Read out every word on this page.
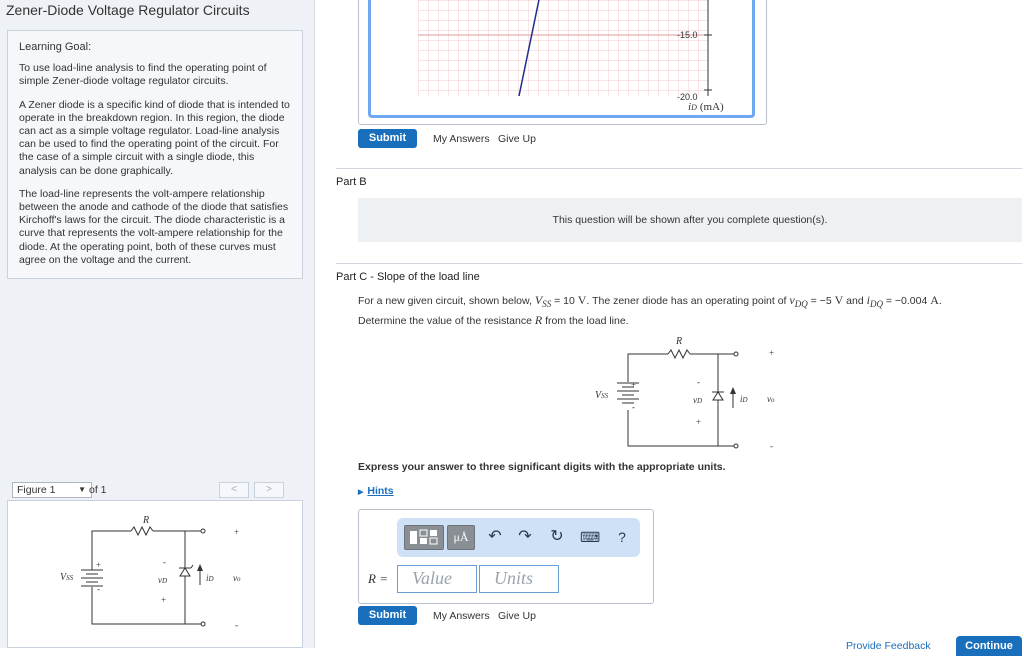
Zener-Diode Voltage Regulator Circuits
Learning Goal:

To use load-line analysis to find the operating point of simple Zener-diode voltage regulator circuits.

A Zener diode is a specific kind of diode that is intended to operate in the breakdown region. In this region, the diode can act as a simple voltage regulator. Load-line analysis can be used to find the operating point of the circuit. For the case of a simple circuit with a single diode, this analysis can be done graphically.

The load-line represents the volt-ampere relationship between the anode and cathode of the diode that satisfies Kirchoff's laws for the circuit. The diode characteristic is a curve that represents the volt-ampere relationship for the diode. At the operating point, both of these curves must agree on the voltage and the current.

Figure 1	▼ of 1	<	>
R
VSS
+
-
vD
-
+
iD vo
+
-
-15.0
-20.0
iD (mA)
Submit	My Answers Give Up
Part B
This question will be shown after you complete question(s).
Part C - Slope of the load line
For a new given circuit, shown below, $V_{SS} = 10$ V. The zener diode has an operating point of $v_{DQ} = -5$ V and $i_{DQ} = -0.004$ A.
Determine the value of the resistance R from the load line.
R
VSS
+
-
vD
-
+
iD vo
+
-
Express your answer to three significant digits with the appropriate units.
▶ Hints
μÅ	↶ ↷ ↻ ⌨	?
R =	Value	Units
Submit	My Answers Give Up
Provide Feedback	Continue
